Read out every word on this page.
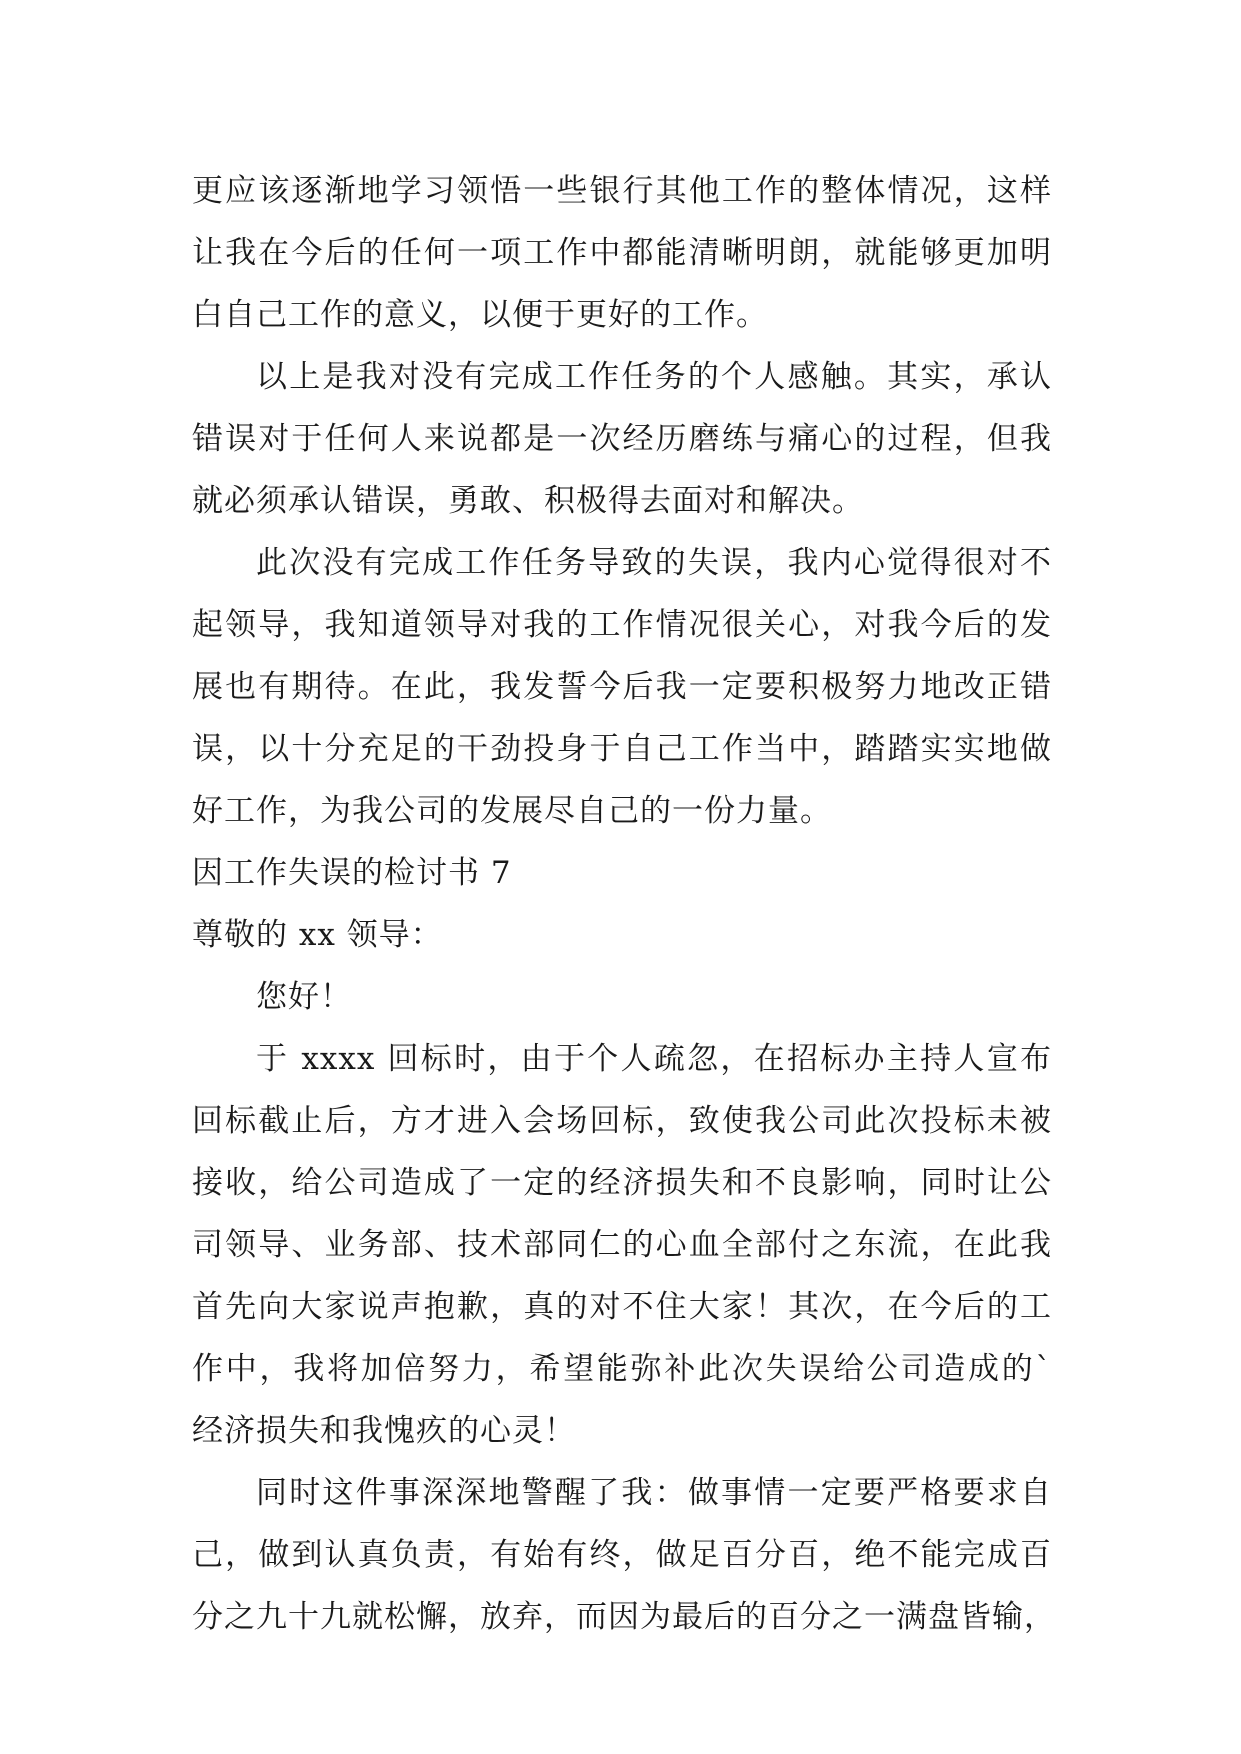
更应该逐渐地学习领悟一些银行其他工作的整体情况，这样
让我在今后的任何一项工作中都能清晰明朗，就能够更加明
白自己工作的意义，以便于更好的工作。
以上是我对没有完成工作任务的个人感触。其实，承认
错误对于任何人来说都是一次经历磨练与痛心的过程，但我
就必须承认错误，勇敢、积极得去面对和解决。
此次没有完成工作任务导致的失误，我内心觉得很对不
起领导，我知道领导对我的工作情况很关心，对我今后的发
展也有期待。在此，我发誓今后我一定要积极努力地改正错
误，以十分充足的干劲投身于自己工作当中，踏踏实实地做
好工作，为我公司的发展尽自己的一份力量。
因工作失误的检讨书 7
尊敬的 xx 领导：
您好！
于 xxxx 回标时，由于个人疏忽，在招标办主持人宣布
回标截止后，方才进入会场回标，致使我公司此次投标未被
接收，给公司造成了一定的经济损失和不良影响，同时让公
司领导、业务部、技术部同仁的心血全部付之东流，在此我
首先向大家说声抱歉，真的对不住大家！其次，在今后的工
作中，我将加倍努力，希望能弥补此次失误给公司造成的`
经济损失和我愧疚的心灵！
同时这件事深深地警醒了我：做事情一定要严格要求自
己，做到认真负责，有始有终，做足百分百，绝不能完成百
分之九十九就松懈，放弃，而因为最后的百分之一满盘皆输，
